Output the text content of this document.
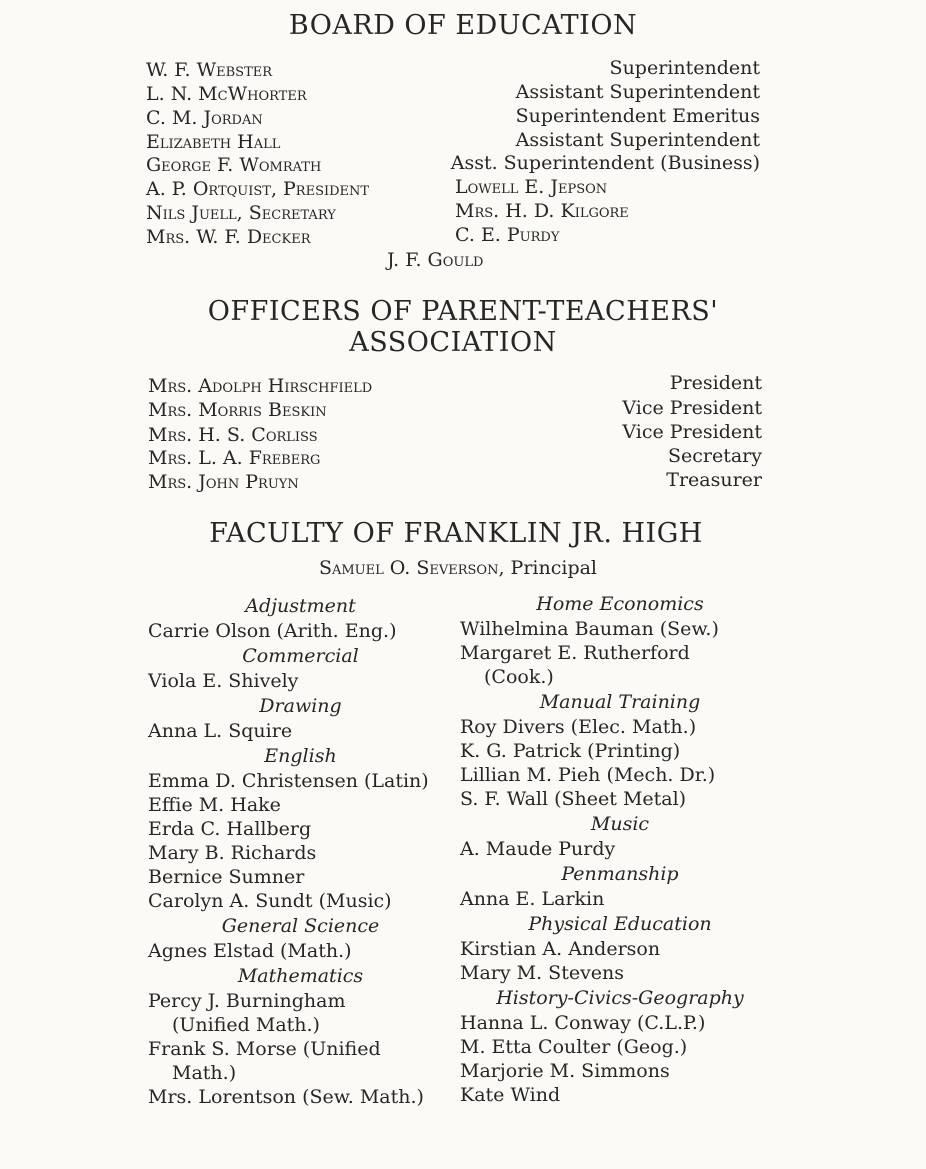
BOARD OF EDUCATION
W. F. Webster	Superintendent
L. N. McWhorter	Assistant Superintendent
C. M. Jordan	Superintendent Emeritus
Elizabeth Hall	Assistant Superintendent
George F. Womrath	Asst. Superintendent (Business)
A. P. Ortquist, President
Nils Juell, Secretary
Mrs. W. F. Decker
Lowell E. Jepson
Mrs. H. D. Kilgore
C. E. Purdy
J. F. Gould
OFFICERS OF PARENT-TEACHERS'
ASSOCIATION
Mrs. Adolph Hirschfield	President
Mrs. Morris Beskin	Vice President
Mrs. H. S. Corliss	Vice President
Mrs. L. A. Freberg	Secretary
Mrs. John Pruyn	Treasurer
FACULTY OF FRANKLIN JR. HIGH
Samuel O. Severson, Principal
Adjustment
Carrie Olson (Arith. Eng.)
Commercial
Viola E. Shively
Drawing
Anna L. Squire
English
Emma D. Christensen (Latin)
Effie M. Hake
Erda C. Hallberg
Mary B. Richards
Bernice Sumner
Carolyn A. Sundt (Music)
General Science
Agnes Elstad (Math.)
Mathematics
Percy J. Burningham
(Unified Math.)
Frank S. Morse (Unified
Math.)
Mrs. Lorentson (Sew. Math.)
Home Economics
Wilhelmina Bauman (Sew.)
Margaret E. Rutherford
(Cook.)
Manual Training
Roy Divers (Elec. Math.)
K. G. Patrick (Printing)
Lillian M. Pieh (Mech. Dr.)
S. F. Wall (Sheet Metal)
Music
A. Maude Purdy
Penmanship
Anna E. Larkin
Physical Education
Kirstian A. Anderson
Mary M. Stevens
History-Civics-Geography
Hanna L. Conway (C.L.P.)
M. Etta Coulter (Geog.)
Marjorie M. Simmons
Kate Wind
